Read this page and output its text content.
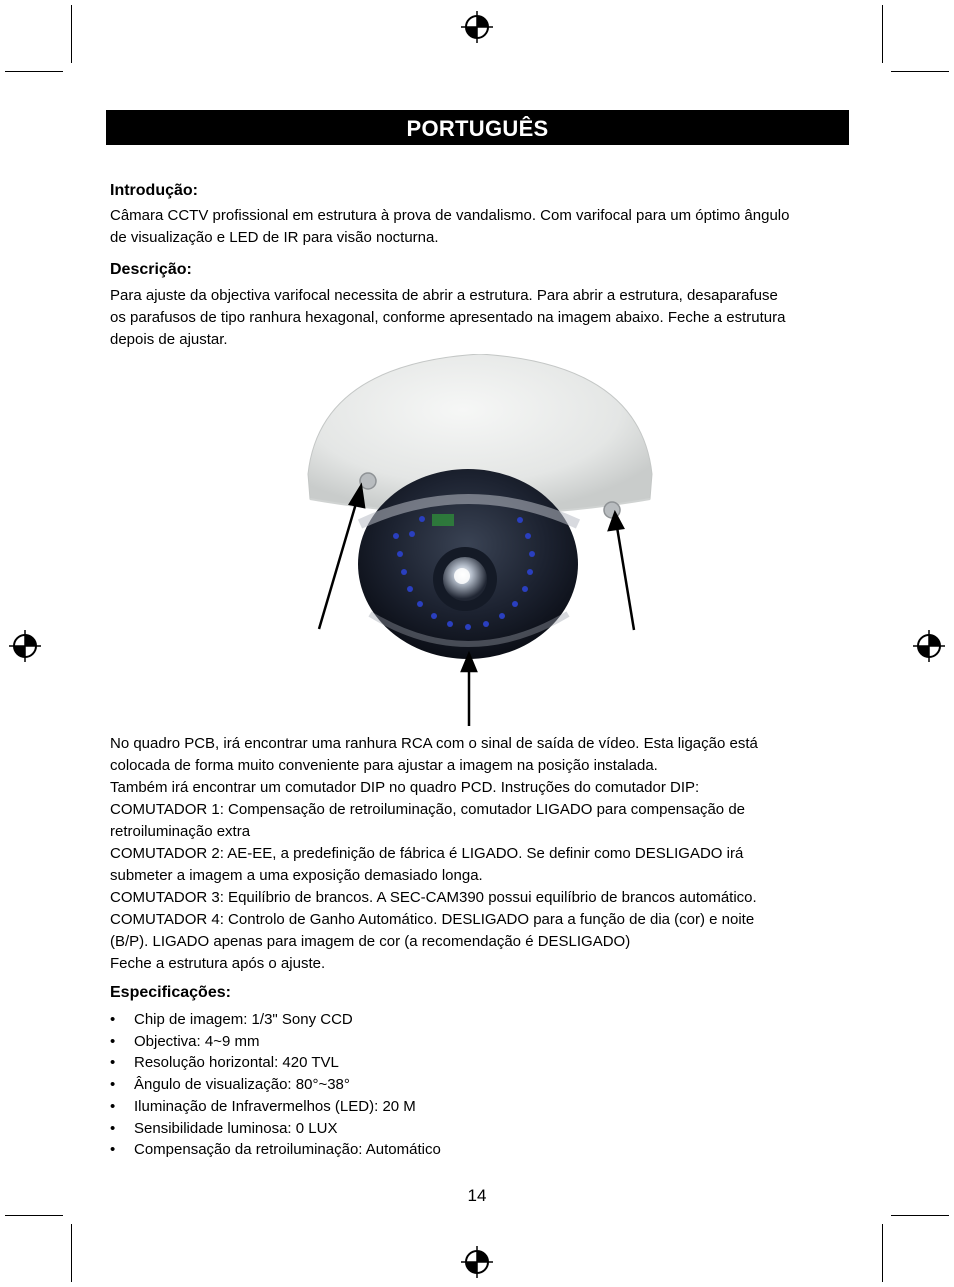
PORTUGUÊS
Introdução:
Câmara CCTV profissional em estrutura à prova de vandalismo. Com varifocal para um óptimo ângulo
de visualização e LED de IR para visão nocturna.
Descrição:
Para ajuste da objectiva varifocal necessita de abrir a estrutura. Para abrir a estrutura, desaparafuse
os parafusos de tipo ranhura hexagonal, conforme apresentado na imagem abaixo. Feche a estrutura
depois de ajustar.
No quadro PCB, irá encontrar uma ranhura RCA com o sinal de saída de vídeo. Esta ligação está
colocada de forma muito conveniente para ajustar a imagem na posição instalada.
Também irá encontrar um comutador DIP no quadro PCD. Instruções do comutador DIP:
COMUTADOR 1: Compensação de retroiluminação, comutador LIGADO para compensação de
retroiluminação extra
COMUTADOR 2: AE-EE, a predefinição de fábrica é LIGADO. Se definir como DESLIGADO irá
submeter a imagem a uma exposição demasiado longa.
COMUTADOR 3: Equilíbrio de brancos. A SEC-CAM390 possui equilíbrio de brancos automático.
COMUTADOR 4: Controlo de Ganho Automático. DESLIGADO para a função de dia (cor) e noite
(B/P). LIGADO apenas para imagem de cor (a recomendação é DESLIGADO)
Feche a estrutura após o ajuste.
Especificações:
• Chip de imagem: 1/3" Sony CCD
• Objectiva: 4~9 mm
• Resolução horizontal: 420 TVL
• Ângulo de visualização: 80°~38°
• Iluminação de Infravermelhos (LED): 20 M
• Sensibilidade luminosa: 0 LUX
• Compensação da retroiluminação: Automático
14
